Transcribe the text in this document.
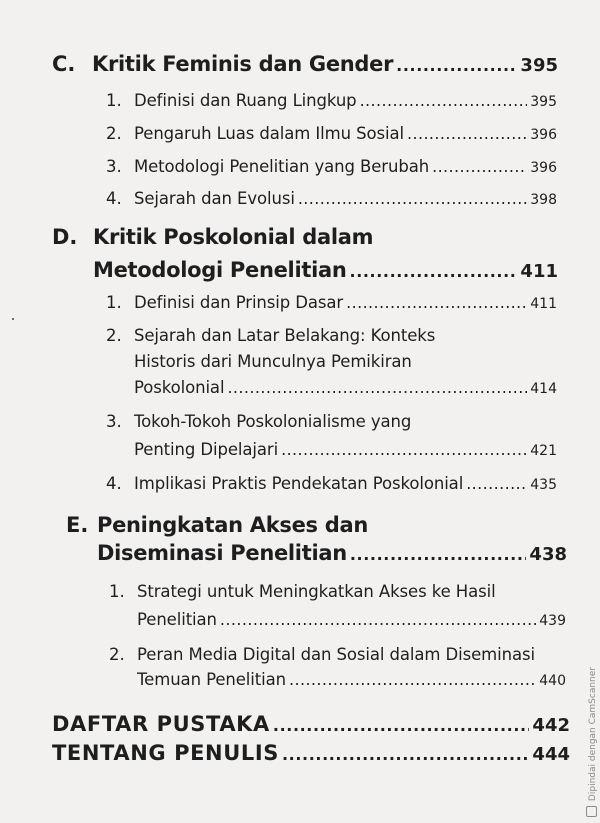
C. Kritik Feminis dan Gender .....	395
1. Definisi dan Ruang Lingkup .....	395
2. Pengaruh Luas dalam Ilmu Sosial .....	396
3. Metodologi Penelitian yang Berubah .....	396
4. Sejarah dan Evolusi .....	398
D. Kritik Poskolonial dalam
Metodologi Penelitian .....	411
1. Definisi dan Prinsip Dasar .....	411
2. Sejarah dan Latar Belakang: Konteks
Historis dari Munculnya Pemikiran
Poskolonial .....	414
3. Tokoh-Tokoh Poskolonialisme yang
Penting Dipelajari .....	421
4. Implikasi Praktis Pendekatan Poskolonial .....	435
E. Peningkatan Akses dan
Diseminasi Penelitian .....	438
1. Strategi untuk Meningkatkan Akses ke Hasil
Penelitian .....	439
2. Peran Media Digital dan Sosial dalam Diseminasi
Temuan Penelitian .....	440
DAFTAR PUSTAKA .....	442
TENTANG PENULIS .....	444 Dipindai dengan CamScanner
